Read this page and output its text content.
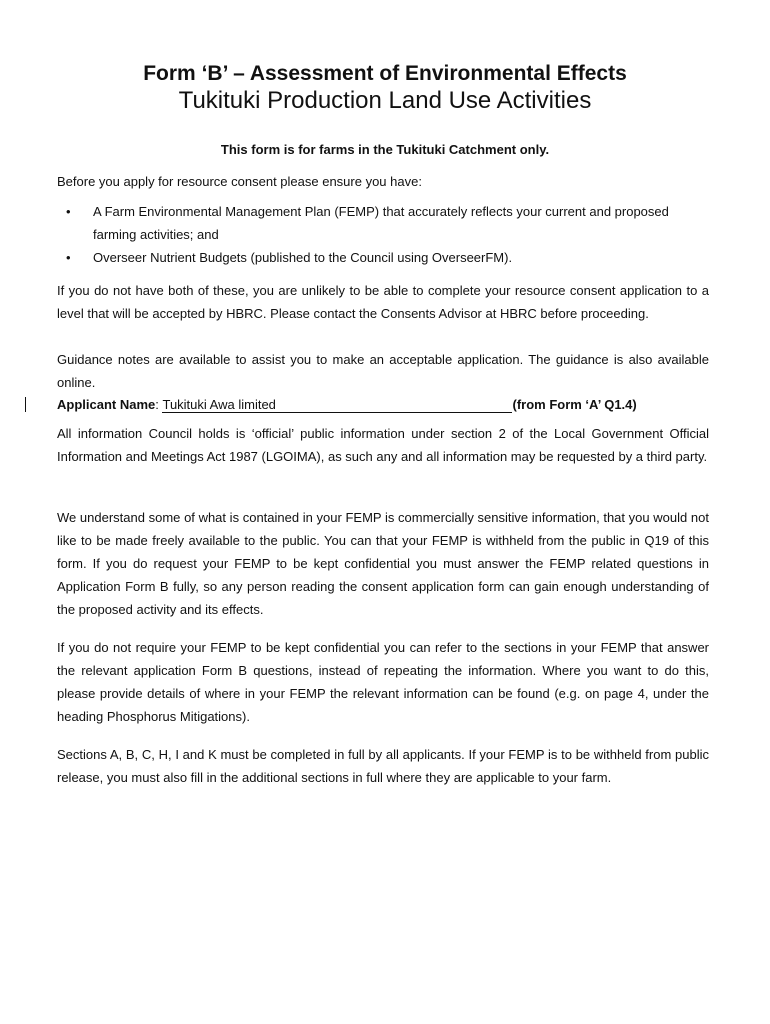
Form ‘B’ – Assessment of Environmental Effects
Tukituki Production Land Use Activities
This form is for farms in the Tukituki Catchment only.

Before you apply for resource consent please ensure you have:

• A Farm Environmental Management Plan (FEMP) that accurately reflects your current and proposed farming activities; and
• Overseer Nutrient Budgets (published to the Council using OverseerFM).

If you do not have both of these, you are unlikely to be able to complete your resource consent application to a level that will be accepted by HBRC. Please contact the Consents Advisor at HBRC before proceeding.

Guidance notes are available to assist you to make an acceptable application. The guidance is also available online.

Applicant Name: Tukituki Awa limited	(from Form ‘A’ Q1.4)

All information Council holds is ‘official’ public information under section 2 of the Local Government Official Information and Meetings Act 1987 (LGOIMA), as such any and all information may be requested by a third party.

We understand some of what is contained in your FEMP is commercially sensitive information, that you would not like to be made freely available to the public. You can that your FEMP is withheld from the public in Q19 of this form. If you do request your FEMP to be kept confidential you must answer the FEMP related questions in Application Form B fully, so any person reading the consent application form can gain enough understanding of the proposed activity and its effects.

If you do not require your FEMP to be kept confidential you can refer to the sections in your FEMP that answer the relevant application Form B questions, instead of repeating the information. Where you want to do this, please provide details of where in your FEMP the relevant information can be found (e.g. on page 4, under the heading Phosphorus Mitigations).

Sections A, B, C, H, I and K must be completed in full by all applicants. If your FEMP is to be withheld from public release, you must also fill in the additional sections in full where they are applicable to your farm.
